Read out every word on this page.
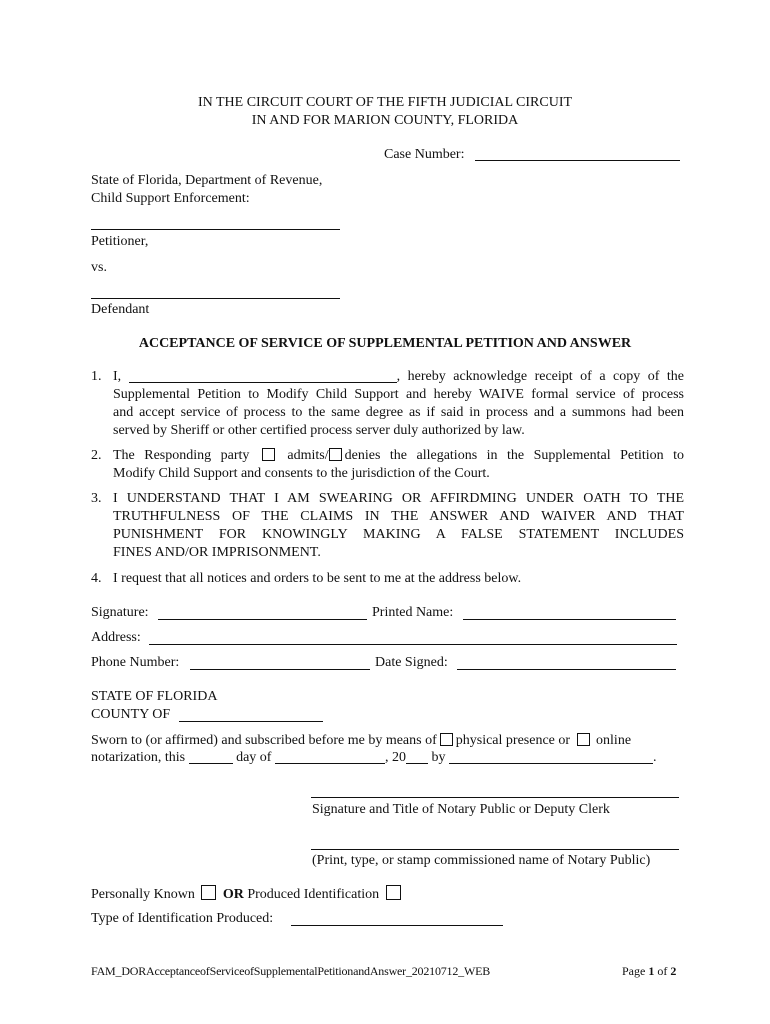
IN THE CIRCUIT COURT OF THE FIFTH JUDICIAL CIRCUIT
IN AND FOR MARION COUNTY, FLORIDA
Case Number:
State of Florida, Department of Revenue,
Child Support Enforcement:
Petitioner,
vs.
Defendant
ACCEPTANCE OF SERVICE OF SUPPLEMENTAL PETITION AND ANSWER
1. I,	, hereby acknowledge receipt of a copy of the
Supplemental Petition to Modify Child Support and hereby WAIVE formal service of process
and accept service of process to the same degree as if said in process and a summons had been
served by Sheriff or other certified process server duly authorized by law.
2. The Responding party	admits/ denies the allegations in the Supplemental Petition to
Modify Child Support and consents to the jurisdiction of the Court.
3. I UNDERSTAND THAT I AM SWEARING OR AFFIRDMING UNDER OATH TO THE
TRUTHFULNESS OF THE CLAIMS IN THE ANSWER AND WAIVER AND THAT
PUNISHMENT FOR KNOWINGLY MAKING A FALSE STATEMENT INCLUDES
FINES AND/OR IMPRISONMENT.
4. I request that all notices and orders to be sent to me at the address below.
Signature:	Printed Name:
Address:
Phone Number:	Date Signed:
STATE OF FLORIDA
COUNTY OF
Sworn to (or affirmed) and subscribed before me by means of physical presence or online
notarization, this	day of	, 20 by	.
Signature and Title of Notary Public or Deputy Clerk
(Print, type, or stamp commissioned name of Notary Public)
Personally Known OR Produced Identification
Type of Identification Produced:
FAM_DORAcceptanceofServiceofSupplementalPetitionandAnswer_20210712_WEB	Page 1 of 2
